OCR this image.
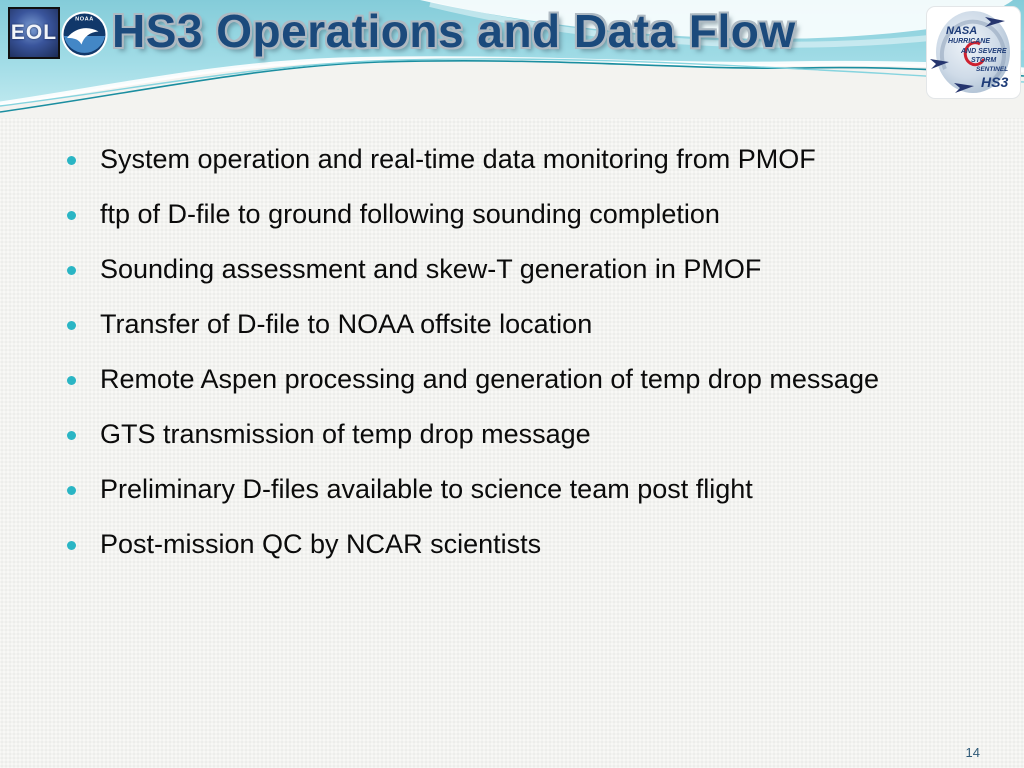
EOL
NOAA HS3 Operations and Data Flow	NASA
HURRICANE
AND SEVERE
STORM
SENTINEL
HS3
System operation and real-time data monitoring from PMOF
ftp of D-file to ground following sounding completion
Sounding assessment and skew-T generation in PMOF
Transfer of D-file to NOAA offsite location
Remote Aspen processing and generation of temp drop message
GTS transmission of temp drop message
Preliminary D-files available to science team post flight
Post-mission QC by NCAR scientists
14
